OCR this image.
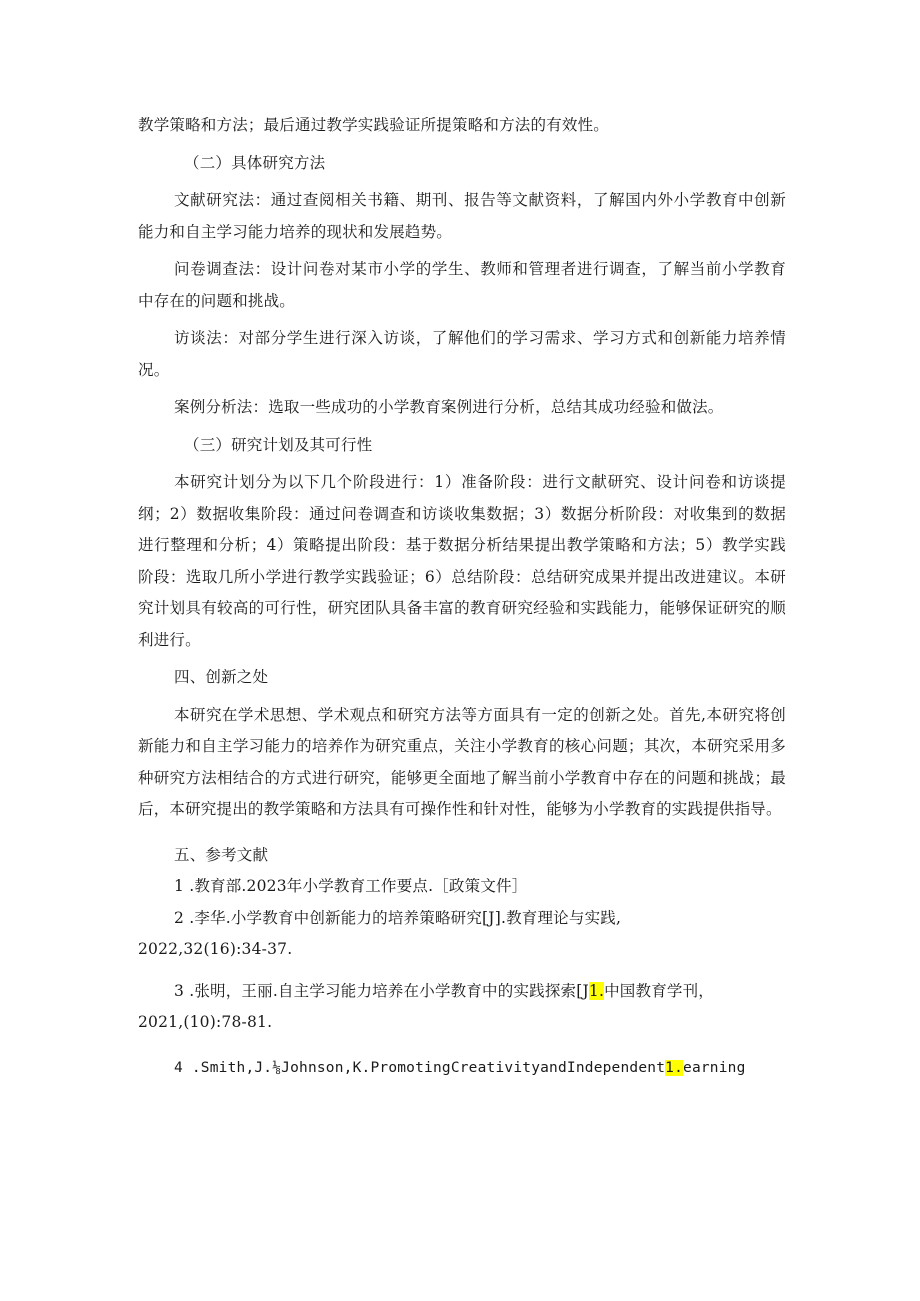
教学策略和方法；最后通过教学实践验证所提策略和方法的有效性。

（二）具体研究方法

文献研究法：通过查阅相关书籍、期刊、报告等文献资料，了解国内外小学教育中创新能力和自主学习能力培养的现状和发展趋势。

问卷调查法：设计问卷对某市小学的学生、教师和管理者进行调查，了解当前小学教育中存在的问题和挑战。

访谈法：对部分学生进行深入访谈，了解他们的学习需求、学习方式和创新能力培养情况。

案例分析法：选取一些成功的小学教育案例进行分析，总结其成功经验和做法。

（三）研究计划及其可行性

本研究计划分为以下几个阶段进行：1）准备阶段：进行文献研究、设计问卷和访谈提纲；2）数据收集阶段：通过问卷调查和访谈收集数据；3）数据分析阶段：对收集到的数据进行整理和分析；4）策略提出阶段：基于数据分析结果提出教学策略和方法；5）教学实践阶段：选取几所小学进行教学实践验证；6）总结阶段：总结研究成果并提出改进建议。本研究计划具有较高的可行性，研究团队具备丰富的教育研究经验和实践能力，能够保证研究的顺利进行。

四、创新之处

本研究在学术思想、学术观点和研究方法等方面具有一定的创新之处。首先,本研究将创新能力和自主学习能力的培养作为研究重点，关注小学教育的核心问题；其次，本研究采用多种研究方法相结合的方式进行研究，能够更全面地了解当前小学教育中存在的问题和挑战；最后，本研究提出的教学策略和方法具有可操作性和针对性，能够为小学教育的实践提供指导。

五、参考文献

1 .教育部.2023年小学教育工作要点.［政策文件］

2 .李华.小学教育中创新能力的培养策略研究[J].教育理论与实践,

2022,32(16):34-37.

3 .张明，王丽.自主学习能力培养在小学教育中的实践探索[J1.中国教育学刊，

2021,(10):78-81.

4 .Smith,J.⅛Johnson,K.PromotingCreativityandIndependent1.earning
